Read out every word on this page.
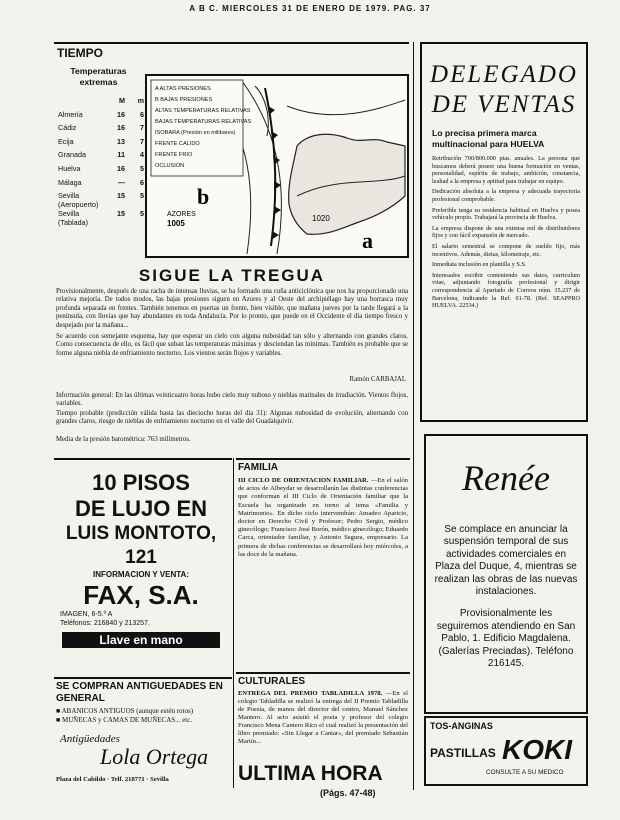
A B C. MIERCOLES 31 DE ENERO DE 1979. PAG. 37
TIEMPO
Temperaturas extremas
	M	m
Almería	16	6
Cádiz	16	7
Ecija	13	7
Granada	11	4
Huelva	16	5
Málaga	—	6
Sevilla (Aeropuerto)	15	5
Sevilla (Tablada)	15	5
A ALTAS PRESIONES
B BAJAS PRESIONES
ALTAS TEMPERATURAS RELATIVAS
BAJAS TEMPERATURAS RELATIVAS
ISOBARA (Presión en milibares)
FRENTE CALIDO
FRENTE FRIO
OCLUSION
AZORES
1005
1020
b
a
SIGUE LA TREGUA
Provisionalmente, después de una racha de intensas lluvias, se ha formado una cuña anticiclónica que nos ha proporcionado una relativa mejoría. De todos modos, las bajas presiones siguen en Azores y al Oeste del archipiélago hay una borrasca muy profunda separada en frentes. También tenemos en puertas un frente, bien visible, que mañana jueves por la tarde llegará a la península, con lluvias que hay abundantes en toda Andalucía. Por lo pronto, que puede en el Occidente el día tiempo fresco y despejado por la mañana...
Se acuerdo con semejante esquema, hay que esperar un cielo con alguna nubosidad tan sólo y alternando con grandes claros. Como consecuencia de ello, es fácil que suban las temperaturas máximas y desciendan las mínimas. También es probable que se forme alguna niebla de enfriamiento nocturno. Los vientos serán flojos y variables.
Ramón CARBAJAL
Información general: En las últimas veinticuatro horas hubo cielo muy nuboso y nieblas matinales de irradiación. Vientos flojos, variables.
Tiempo probable (predicción válida hasta las dieciocho horas del día 31): Algunas nubosidad de evolución, alternando con grandes claros, riesgo de nieblas de enfriamiento nocturno en el valle del Guadalquivir.
Media de la presión barométrica: 763 milímetros.
10 PISOS
DE LUJO EN
LUIS MONTOTO, 121
INFORMACION Y VENTA:
FAX, S.A.
IMAGEN, 6-5.º A
Teléfonos: 216840 y 213257.
Llave en mano
SE COMPRAN ANTIGUEDADES EN GENERAL
■ ABANICOS ANTIGUOS (aunque estén rotos)
■ MUÑECAS y CAMAS DE MUÑECAS... etc.
Antigüedades
Lola Ortega
Plaza del Cabildo · Telf. 218771 · Sevilla
FAMILIA
III CICLO DE ORIENTACION FAMILIAR. —En el salón de actos de Albeydar se desarrollarán las distintas conferencias que conforman el III Ciclo de Orientación familiar que la Escuela ha organizado en torno al tema «Familia y Matrimonio». En dicho ciclo intervendrán: Amadeo Aparicio, doctor en Derecho Civil y Profesor; Pedro Sergio, médico ginecólogo; Francisco José Borón, médico ginecólogo; Eduardo Carca, orientador familiar, y Antonio Segura, empresario. La primera de dichas conferencias se desarrollará hoy miércoles, a las doce de la mañana.
CULTURALES
ENTREGA DEL PREMIO TABLADILLA 1978. —En el colegio Tabladilla se realizó la entrega del II Premio Tabladilla de Poesía, de manos del director del centro, Manuel Sánchez Mantero. Al acto asistió el poeta y profesor del colegio Francisco Mena Cantero Rico el cual realizó la presentación del libro premiado: «Sin Llegar a Cantar», del premiado Sebastián Martín...
ULTIMA HORA
(Págs. 47-48)
DELEGADO
DE VENTAS
Lo precisa primera marca multinacional para HUELVA
Retribución 700/800.000 ptas. anuales. La persona que buscamos deberá poseer una buena formación en ventas, personalidad, espíritu de trabajo, ambición, constancia, lealtad a la empresa y aptitud para trabajar en equipo.
Dedicación absoluta a la empresa y adecuada trayectoria profesional comprobable.
Preferible tenga su residencia habitual en Huelva y posea vehículo propio. Trabajará la provincia de Huelva.
La empresa dispone de una extensa red de distribuidores fijos y con fácil expansión de mercado.
El salario semestral se compone de sueldo fijo, más incentivos. Además, dietas, kilometraje, etc.
Inmediata inclusión en plantilla y S.S.
Interesados escribir conteniendo sus datos, curriculum vitae, adjuntando fotografía profesional y dirigir correspondencia al Apartado de Correos núm. 35.237 de Barcelona, indicando la Ref. 01-78. (Ref. SEAPPRO HUELVA. 22534.)
Renée
Se complace en anunciar la suspensión temporal de sus actividades comerciales en Plaza del Duque, 4, mientras se realizan las obras de las nuevas instalaciones.
Provisionalmente les seguiremos atendiendo en San Pablo, 1. Edificio Magdalena. (Galerías Preciadas). Teléfono 216145.
TOS-ANGINAS
PASTILLAS KOKI
CONSULTE A SU MEDICO
